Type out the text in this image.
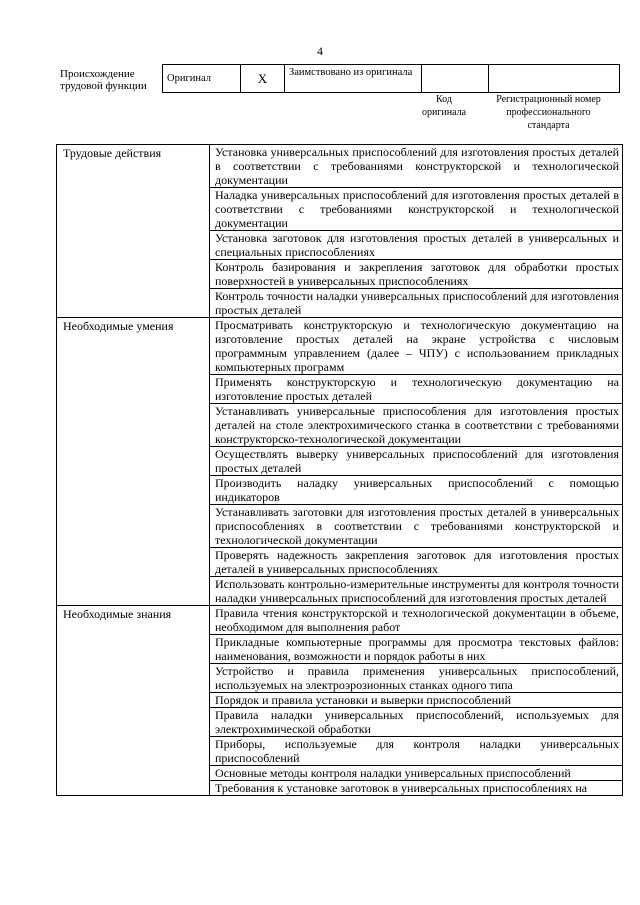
4
Происхождение трудовой функции
Оригинал	X	Заимствовано из оригинала		
Код оригинала
Регистрационный номер профессионального стандарта
Трудовые действия	Установка универсальных приспособлений для изготовления простых деталей в соответствии с требованиями конструкторской и технологической документации
	Наладка универсальных приспособлений для изготовления простых деталей в соответствии с требованиями конструкторской и технологической документации
	Установка заготовок для изготовления простых деталей в универсальных и специальных приспособлениях
	Контроль базирования и закрепления заготовок для обработки простых поверхностей в универсальных приспособлениях
	Контроль точности наладки универсальных приспособлений для изготовления простых деталей
Необходимые умения	Просматривать конструкторскую и технологическую документацию на изготовление простых деталей на экране устройства с числовым программным управлением (далее – ЧПУ) с использованием прикладных компьютерных программ
	Применять конструкторскую и технологическую документацию на изготовление простых деталей
	Устанавливать универсальные приспособления для изготовления простых деталей на столе электрохимического станка в соответствии с требованиями конструкторско-технологической документации
	Осуществлять выверку универсальных приспособлений для изготовления простых деталей
	Производить наладку универсальных приспособлений с помощью индикаторов
	Устанавливать заготовки для изготовления простых деталей в универсальных приспособлениях в соответствии с требованиями конструкторской и технологической документации
	Проверять надежность закрепления заготовок для изготовления простых деталей в универсальных приспособлениях
	Использовать контрольно-измерительные инструменты для контроля точности наладки универсальных приспособлений для изготовления простых деталей
Необходимые знания	Правила чтения конструкторской и технологической документации в объеме, необходимом для выполнения работ
	Прикладные компьютерные программы для просмотра текстовых файлов: наименования, возможности и порядок работы в них
	Устройство и правила применения универсальных приспособлений, используемых на электроэрозионных станках одного типа
	Порядок и правила установки и выверки приспособлений
	Правила наладки универсальных приспособлений, используемых для электрохимической обработки
	Приборы, используемые для контроля наладки универсальных приспособлений
	Основные методы контроля наладки универсальных приспособлений
	Требования к установке заготовок в универсальных приспособлениях на
